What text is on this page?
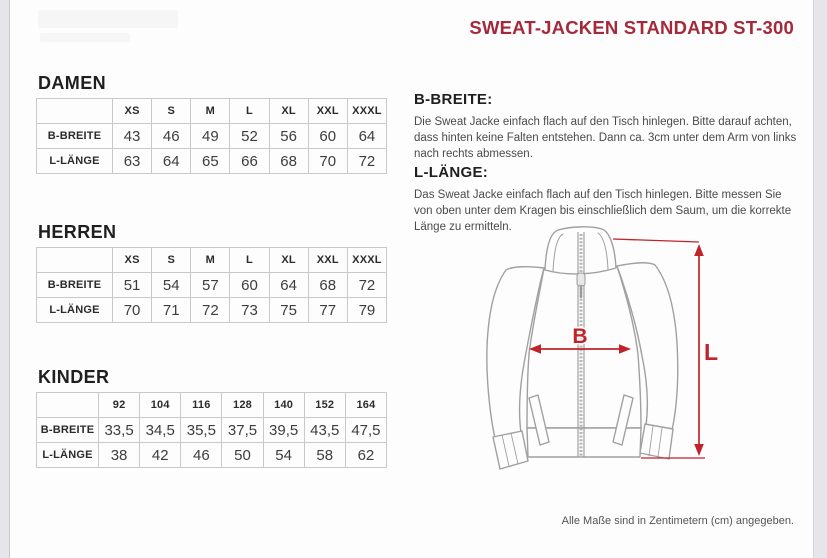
SWEAT-JACKEN STANDARD ST-300
DAMEN
	XS	S	M	L	XL	XXL	XXXL
B-BREITE	43	46	49	52	56	60	64
L-LÄNGE	63	64	65	66	68	70	72
HERREN
	XS	S	M	L	XL	XXL	XXXL
B-BREITE	51	54	57	60	64	68	72
L-LÄNGE	70	71	72	73	75	77	79
KINDER
	92	104	116	128	140	152	164
B-BREITE	33,5	34,5	35,5	37,5	39,5	43,5	47,5
L-LÄNGE	38	42	46	50	54	58	62
B-BREITE:

Die Sweat Jacke einfach flach auf den Tisch hinlegen. Bitte darauf achten, dass hinten keine Falten entstehen. Dann ca. 3cm unter dem Arm von links nach rechts abmessen.

L-LÄNGE:

Das Sweat Jacke einfach flach auf den Tisch hinlegen. Bitte messen Sie von oben unter dem Kragen bis einschließlich dem Saum, um die korrekte Länge zu ermitteln.

B
L
Alle Maße sind in Zentimetern (cm) angegeben.
